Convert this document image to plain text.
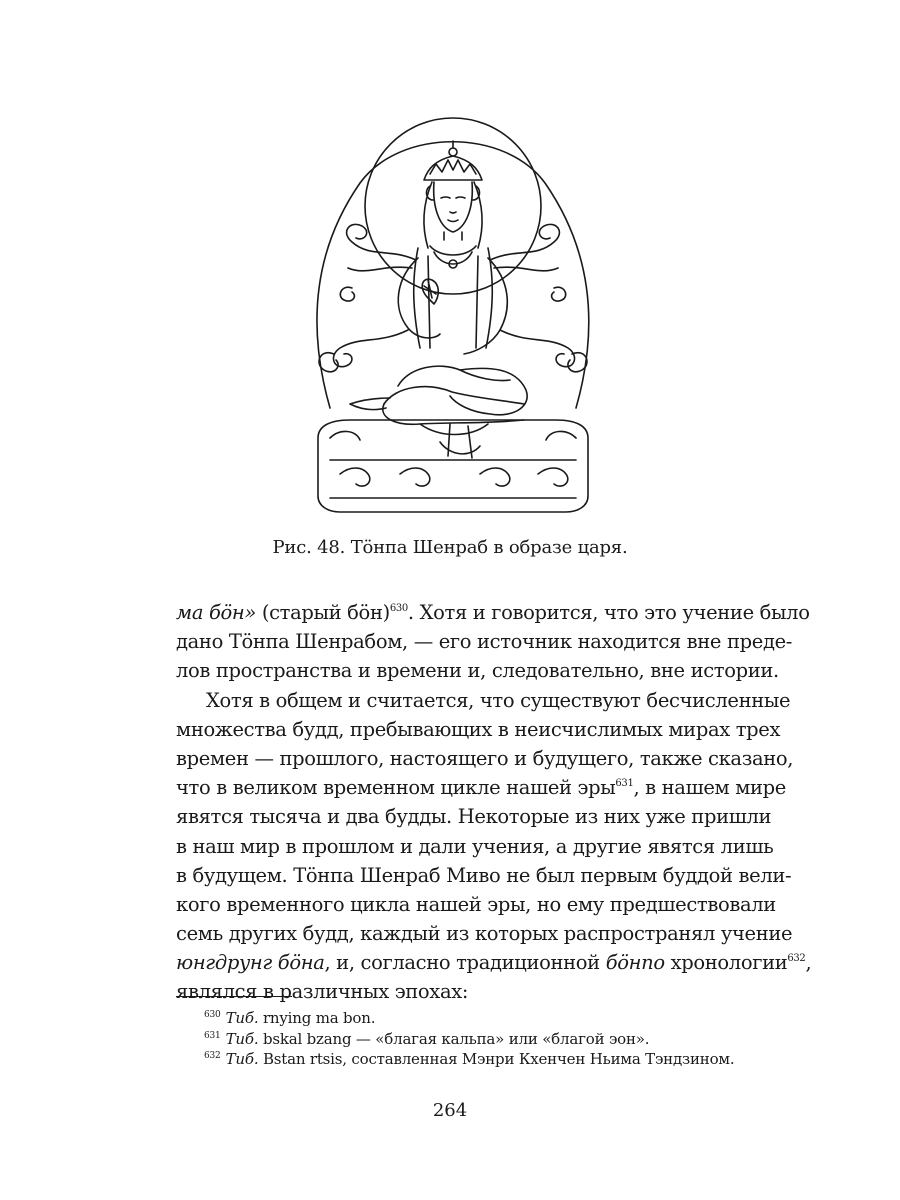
Рис. 48. Тöнпа Шенраб в образе царя.
ма бöн» (старый бöн)$^{630}$. Хотя и говорится, что это учение было
дано Тöнпа Шенрабом, — его источник находится вне преде-
лов пространства и времени и, следовательно, вне истории.
Хотя в общем и считается, что существуют бесчисленные
множества будд, пребывающих в неисчислимых мирах трех
времен — прошлого, настоящего и будущего, также сказано,
что в великом временном цикле нашей эры$^{631}$, в нашем мире
явятся тысяча и два будды. Некоторые из них уже пришли
в наш мир в прошлом и дали учения, а другие явятся лишь
в будущем. Тöнпа Шенраб Миво не был первым буддой вели-
кого временного цикла нашей эры, но ему предшествовали
семь других будд, каждый из которых распространял учение
юнгдрунг бöна, и, согласно традиционной бöнпо хронологии$^{632}$,
являлся в различных эпохах:
$^{630}$ Тиб. rnying ma bon.
$^{631}$ Тиб. bskal bzang — «благая кальпа» или «благой эон».
$^{632}$ Тиб. Bstan rtsis, составленная Мэнри Кхенчен Ньима Тэндзином.
264
